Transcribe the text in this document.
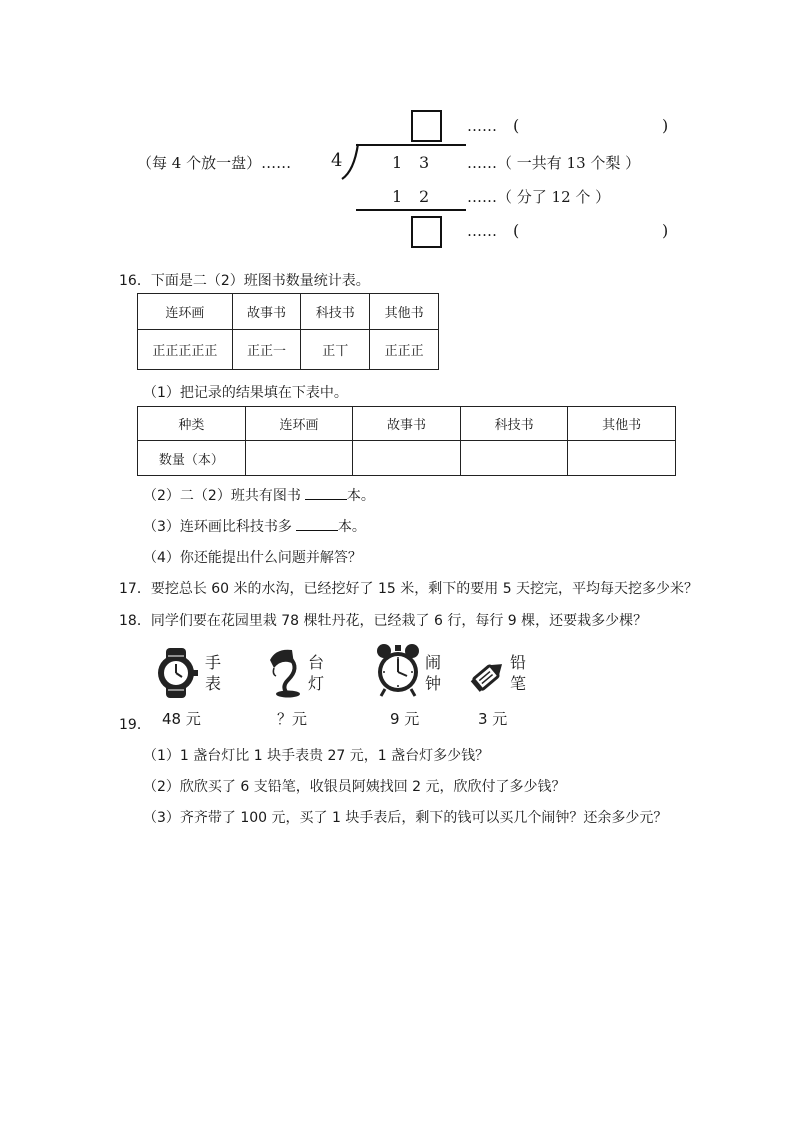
…… (	)
（每 4 个放一盘）…… 4	1 3	……（ 一共有 13 个梨 ）
1 2	……（ 分了 12 个 ）
…… (	)
16．下面是二（2）班图书数量统计表。
连环画	故事书	科技书	其他书
正正正正正	正正一	正丅	正正正
（1）把记录的结果填在下表中。
种类	连环画	故事书	科技书	其他书
数量（本）				
（2）二（2）班共有图书	本。
（3）连环画比科技书多	本。
（4）你还能提出什么问题并解答？
17．要挖总长 60 米的水沟，已经挖好了 15 米，剩下的要用 5 天挖完，平均每天挖多少米？
18．同学们要在花园里栽 78 棵牡丹花，已经栽了 6 行，每行 9 棵，还要栽多少棵？
手
表
48 元
台
灯
？元
闹
钟
9 元
铅
笔
3 元
19．
（1）1 盏台灯比 1 块手表贵 27 元，1 盏台灯多少钱？
（2）欣欣买了 6 支铅笔，收银员阿姨找回 2 元，欣欣付了多少钱？
（3）齐齐带了 100 元，买了 1 块手表后，剩下的钱可以买几个闹钟？还余多少元？
